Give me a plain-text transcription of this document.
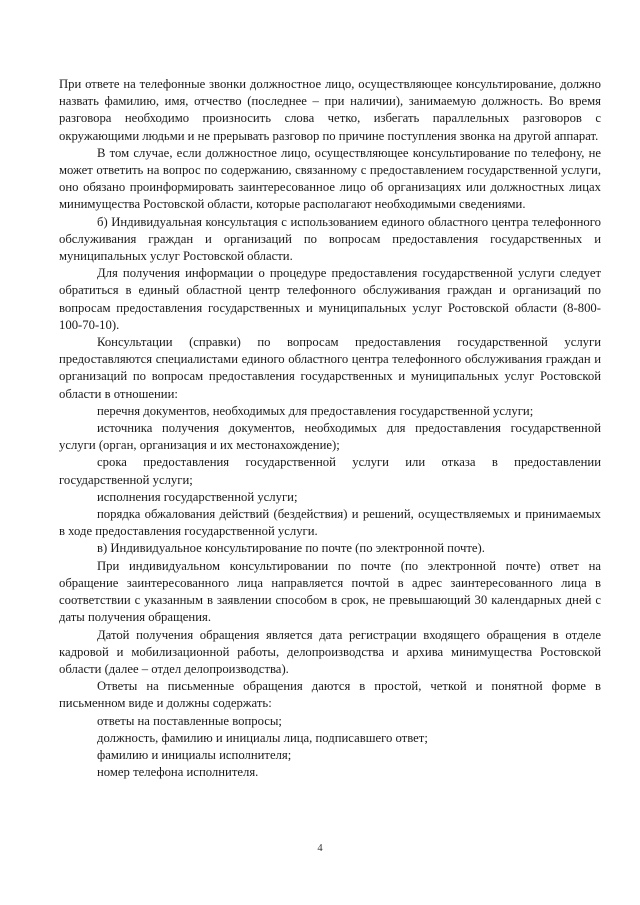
При ответе на телефонные звонки должностное лицо, осуществляющее консультирование, должно назвать фамилию, имя, отчество (последнее – при наличии), занимаемую должность. Во время разговора необходимо произносить слова четко, избегать параллельных разговоров с окружающими людьми и не прерывать разговор по причине поступления звонка на другой аппарат.

В том случае, если должностное лицо, осуществляющее консультирование по телефону, не может ответить на вопрос по содержанию, связанному с предоставлением государственной услуги, оно обязано проинформировать заинтересованное лицо об организациях или должностных лицах минимущества Ростовской области, которые располагают необходимыми сведениями.

б) Индивидуальная консультация с использованием единого областного центра телефонного обслуживания граждан и организаций по вопросам предоставления государственных и муниципальных услуг Ростовской области.

Для получения информации о процедуре предоставления государственной услуги следует обратиться в единый областной центр телефонного обслуживания граждан и организаций по вопросам предоставления государственных и муниципальных услуг Ростовской области (8-800-100-70-10).

Консультации (справки) по вопросам предоставления государственной услуги предоставляются специалистами единого областного центра телефонного обслуживания граждан и организаций по вопросам предоставления государственных и муниципальных услуг Ростовской области в отношении:

перечня документов, необходимых для предоставления государственной услуги;

источника получения документов, необходимых для предоставления государственной услуги (орган, организация и их местонахождение);

срока предоставления государственной услуги или отказа в предоставлении государственной услуги;

исполнения государственной услуги;

порядка обжалования действий (бездействия) и решений, осуществляемых и принимаемых в ходе предоставления государственной услуги.

в) Индивидуальное консультирование по почте (по электронной почте).

При индивидуальном консультировании по почте (по электронной почте) ответ на обращение заинтересованного лица направляется почтой в адрес заинтересованного лица в соответствии с указанным в заявлении способом в срок, не превышающий 30 календарных дней с даты получения обращения.

Датой получения обращения является дата регистрации входящего обращения в отделе кадровой и мобилизационной работы, делопроизводства и архива минимущества Ростовской области (далее – отдел делопроизводства).

Ответы на письменные обращения даются в простой, четкой и понятной форме в письменном виде и должны содержать:

ответы на поставленные вопросы;

должность, фамилию и инициалы лица, подписавшего ответ;

фамилию и инициалы исполнителя;

номер телефона исполнителя.

4
